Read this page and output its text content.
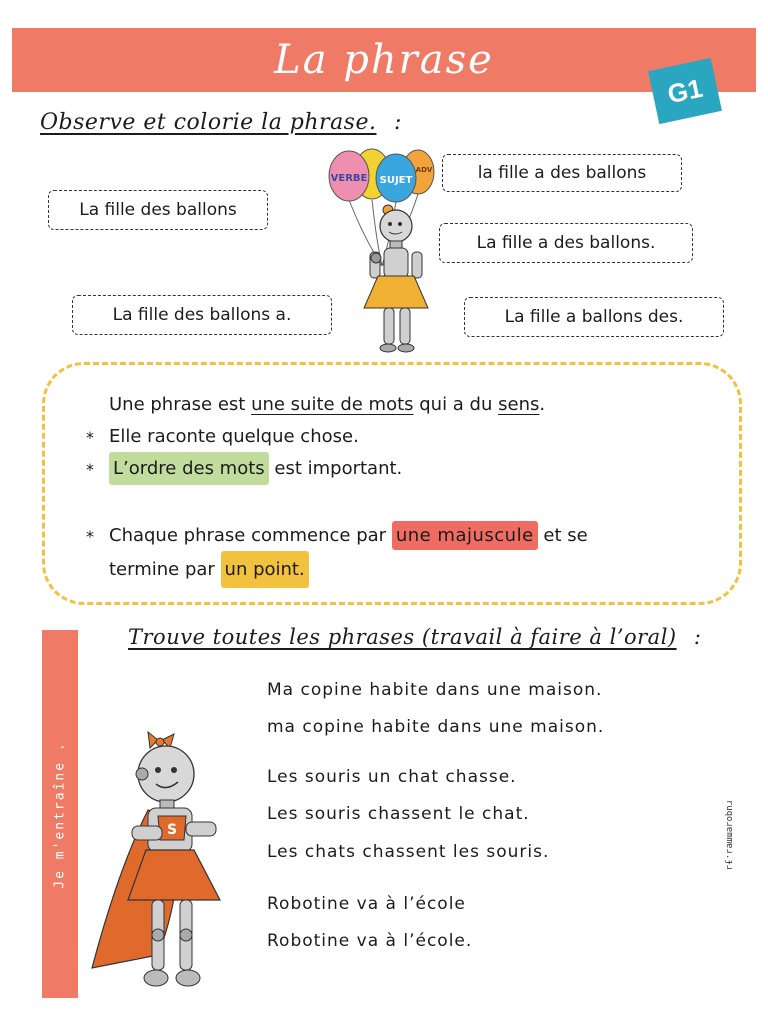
La phrase
G1
Observe et colorie la phrase. :
la fille a des ballons
La fille des ballons
La fille a des ballons.
La fille des ballons a.	La fille a ballons des.
VERBE SUJET
ADV
Une phrase est une suite de mots qui a du sens.
* Elle raconte quelque chose.
* L’ordre des mots est important.
* Chaque phrase commence par une majuscule et se
termine par un point.
Trouve toutes les phrases (travail à faire à l’oral) :
Je m'entraîne .	S
Ma copine habite dans une maison.
ma copine habite dans une maison.
Les souris un chat chasse.
Les souris chassent le chat.
Les chats chassent les souris.
Robotine va à l’école
Robotine va à l’école.
ruqoɹɐmmɐɹ.ɟɹ
